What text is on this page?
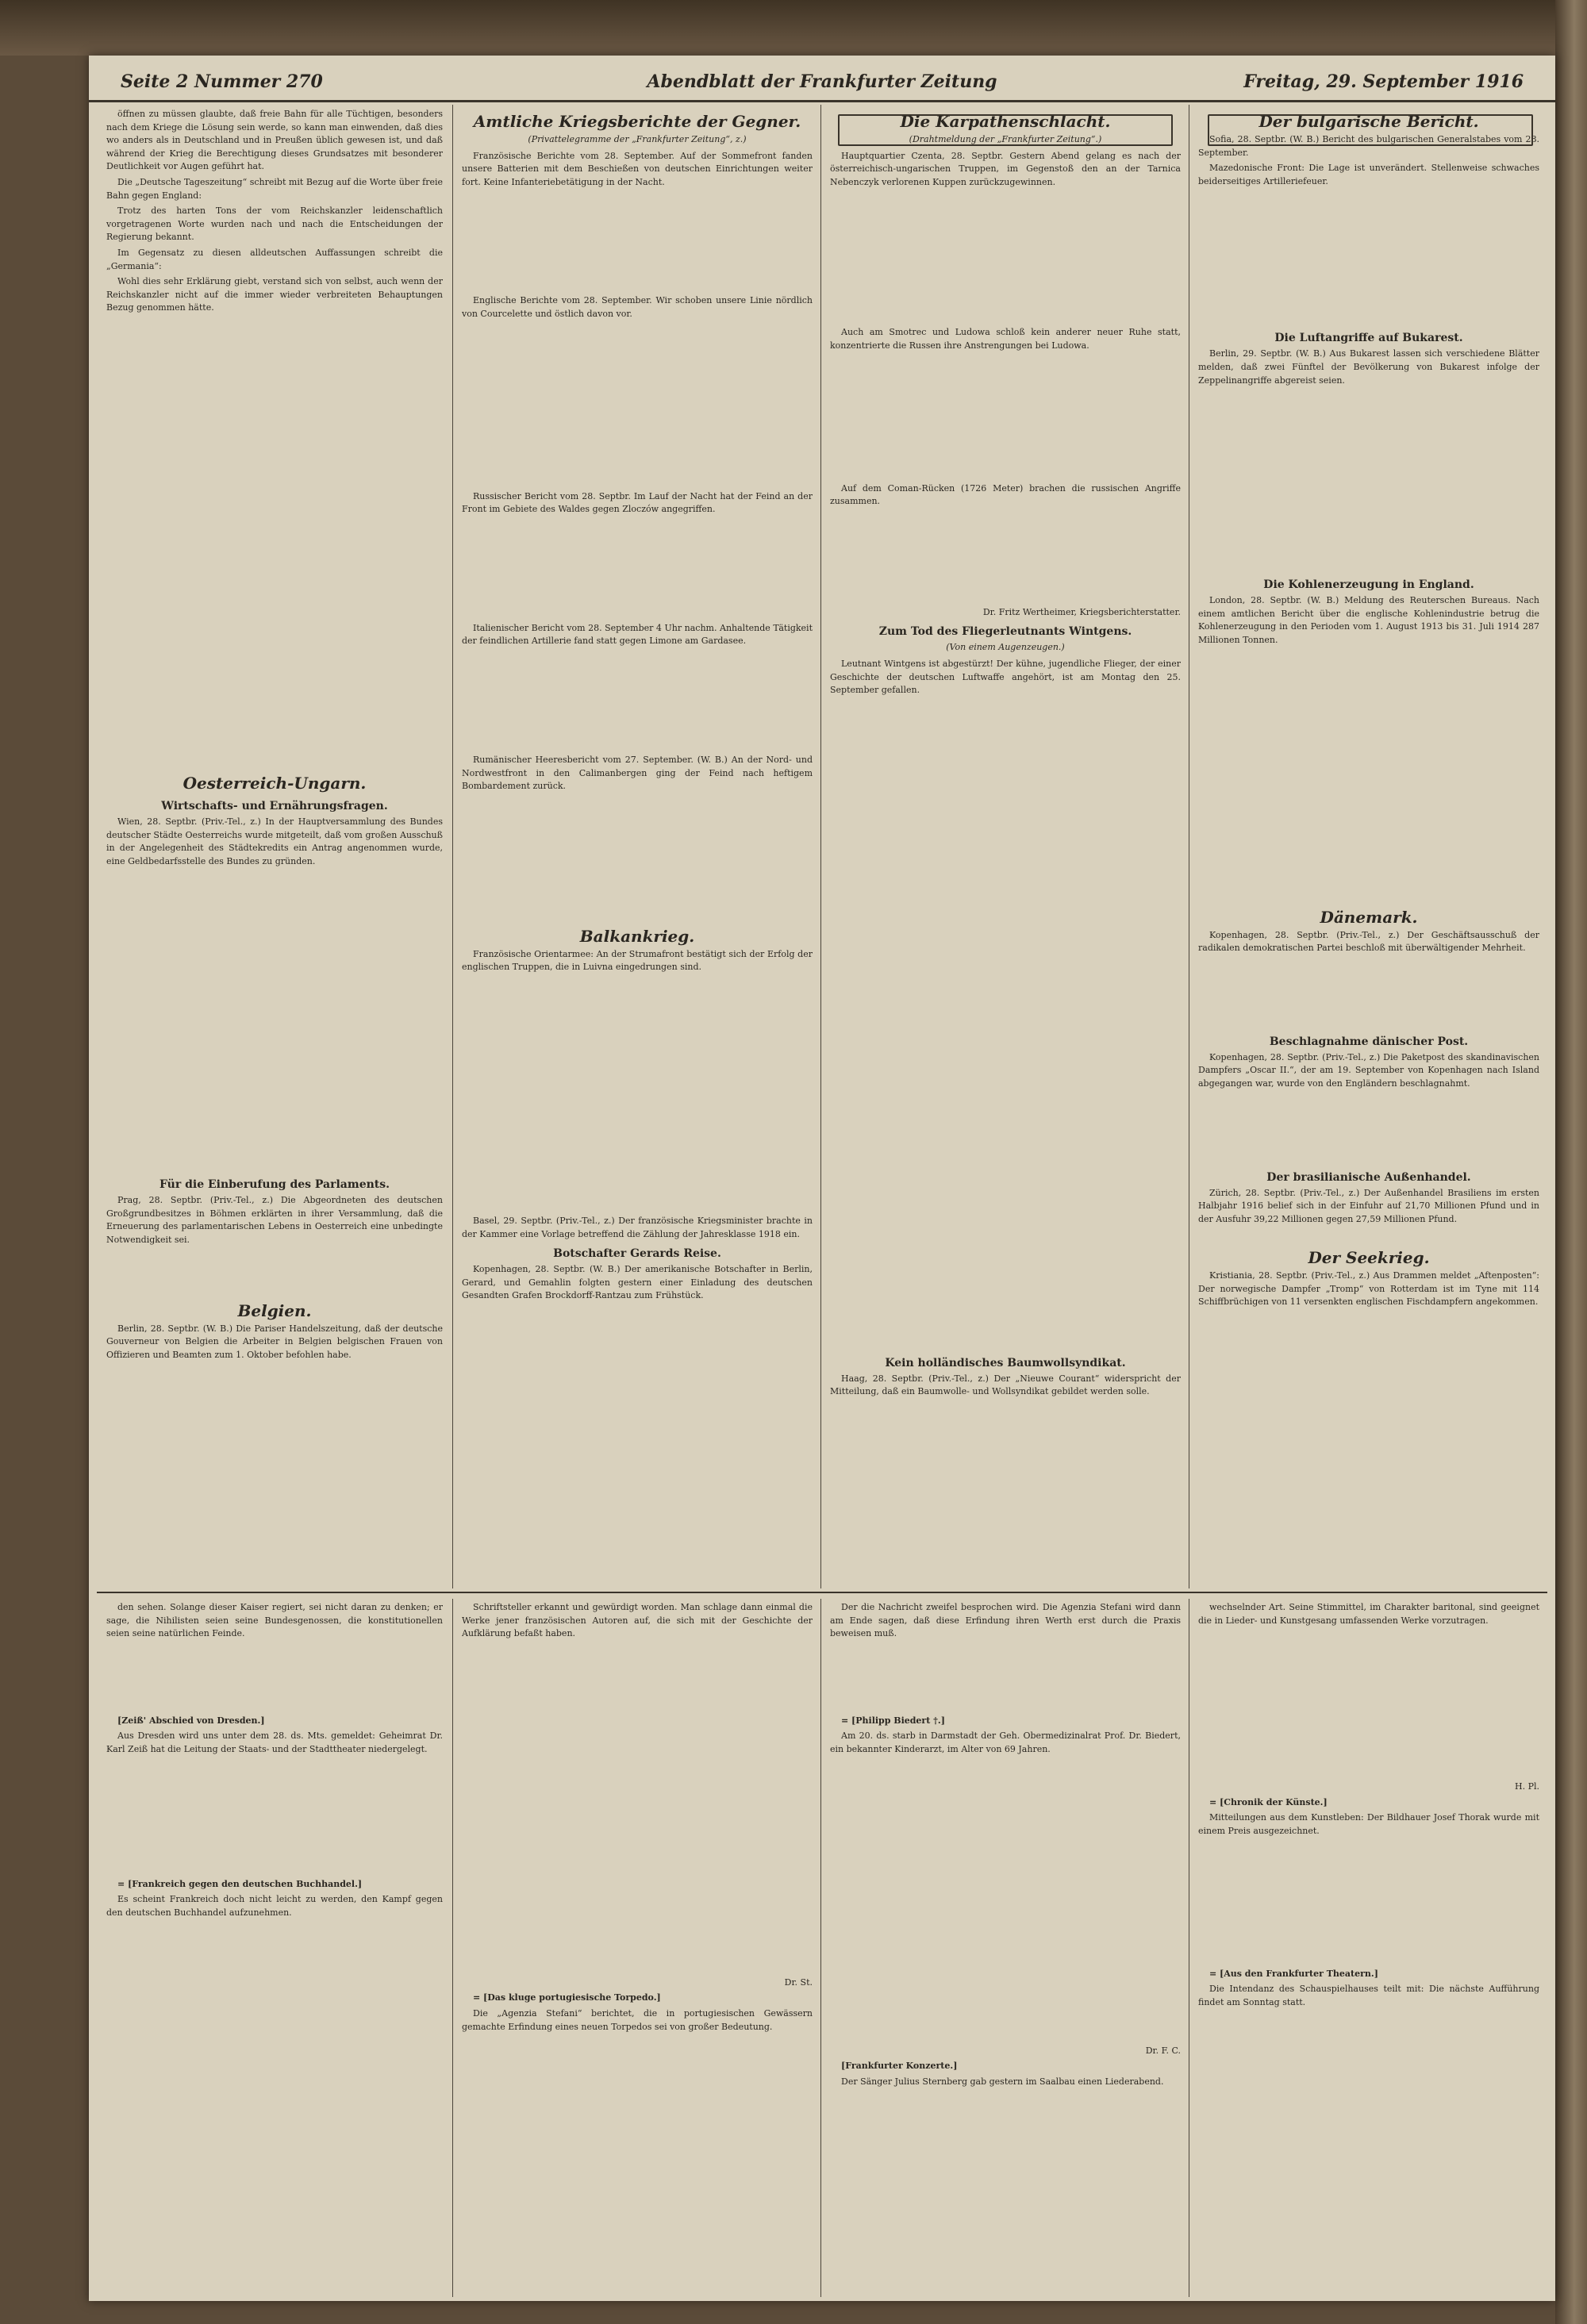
Seite 2 Nummer 270	Abendblatt der Frankfurter Zeitung	Freitag, 29. September 1916

öffnen zu müssen glaubte, daß freie Bahn für alle Tüchtigen, besonders nach dem Kriege die Lösung sein werde, so kann man einwenden, daß dies wo anders als in Deutschland und in Preußen üblich gewesen ist, und daß während der Krieg die Berechtigung dieses Grundsatzes mit besonderer Deutlichkeit vor Augen geführt hat.

Die „Deutsche Tageszeitung“ schreibt mit Bezug auf die Worte über freie Bahn gegen England:

Trotz des harten Tons der vom Reichskanzler leidenschaftlich vorgetragenen Worte wurden nach und nach die Entscheidungen der Regierung bekannt.

Im Gegensatz zu diesen alldeutschen Auffassungen schreibt die „Germania“:

Wohl dies sehr Erklärung giebt, verstand sich von selbst, auch wenn der Reichskanzler nicht auf die immer wieder verbreiteten Behauptungen Bezug genommen hätte.

Oesterreich-Ungarn.
Wirtschafts- und Ernährungsfragen.

Wien, 28. Septbr. (Priv.-Tel., z.) In der Hauptversammlung des Bundes deutscher Städte Oesterreichs wurde mitgeteilt, daß vom großen Ausschuß in der Angelegenheit des Städtekredits ein Antrag angenommen wurde, eine Geldbedarfsstelle des Bundes zu gründen.

Für die Einberufung des Parlaments.

Prag, 28. Septbr. (Priv.-Tel., z.) Die Abgeordneten des deutschen Großgrundbesitzes in Böhmen erklärten in ihrer Versammlung, daß die Erneuerung des parlamentarischen Lebens in Oesterreich eine unbedingte Notwendigkeit sei.

Belgien.

Berlin, 28. Septbr. (W. B.) Die Pariser Handelszeitung, daß der deutsche Gouverneur von Belgien die Arbeiter in Belgien belgischen Frauen von Offizieren und Beamten zum 1. Oktober befohlen habe.

Amtliche Kriegsberichte der Gegner.
(Privattelegramme der „Frankfurter Zeitung“, z.)

Französische Berichte vom 28. September. Auf der Sommefront fanden unsere Batterien mit dem Beschießen von deutschen Einrichtungen weiter fort. Keine Infanteriebetätigung in der Nacht.

Englische Berichte vom 28. September. Wir schoben unsere Linie nördlich von Courcelette und östlich davon vor.

Russischer Bericht vom 28. Septbr. Im Lauf der Nacht hat der Feind an der Front im Gebiete des Waldes gegen Zloczów angegriffen.

Italienischer Bericht vom 28. September 4 Uhr nachm. Anhaltende Tätigkeit der feindlichen Artillerie fand statt gegen Limone am Gardasee.

Rumänischer Heeresbericht vom 27. September. (W. B.) An der Nord- und Nordwestfront in den Calimanbergen ging der Feind nach heftigem Bombardement zurück.

Balkankrieg.

Französische Orientarmee: An der Strumafront bestätigt sich der Erfolg der englischen Truppen, die in Luivna eingedrungen sind.

Basel, 29. Septbr. (Priv.-Tel., z.) Der französische Kriegsminister brachte in der Kammer eine Vorlage betreffend die Zählung der Jahresklasse 1918 ein.

Botschafter Gerards Reise.

Kopenhagen, 28. Septbr. (W. B.) Der amerikanische Botschafter in Berlin, Gerard, und Gemahlin folgten gestern einer Einladung des deutschen Gesandten Grafen Brockdorff-Rantzau zum Frühstück.

Die Karpathenschlacht.
(Drahtmeldung der „Frankfurter Zeitung“.)

Hauptquartier Czenta, 28. Septbr. Gestern Abend gelang es nach der österreichisch-ungarischen Truppen, im Gegenstoß den an der Tarnica Nebenczyk verlorenen Kuppen zurückzugewinnen.

Auch am Smotrec und Ludowa schloß kein anderer neuer Ruhe statt, konzentrierte die Russen ihre Anstrengungen bei Ludowa.

Auf dem Coman-Rücken (1726 Meter) brachen die russischen Angriffe zusammen.

Dr. Fritz Wertheimer, Kriegsberichterstatter.

Zum Tod des Fliegerleutnants Wintgens.
(Von einem Augenzeugen.)

Leutnant Wintgens ist abgestürzt! Der kühne, jugendliche Flieger, der einer Geschichte der deutschen Luftwaffe angehört, ist am Montag den 25. September gefallen.

Kein holländisches Baumwollsyndikat.

Haag, 28. Septbr. (Priv.-Tel., z.) Der „Nieuwe Courant“ widerspricht der Mitteilung, daß ein Baumwolle- und Wollsyndikat gebildet werden solle.

Der bulgarische Bericht.

Sofia, 28. Septbr. (W. B.) Bericht des bulgarischen Generalstabes vom 28. September.

Mazedonische Front: Die Lage ist unverändert. Stellenweise schwaches beiderseitiges Artilleriefeuer.

Die Luftangriffe auf Bukarest.

Berlin, 29. Septbr. (W. B.) Aus Bukarest lassen sich verschiedene Blätter melden, daß zwei Fünftel der Bevölkerung von Bukarest infolge der Zeppelinangriffe abgereist seien.

Die Kohlenerzeugung in England.

London, 28. Septbr. (W. B.) Meldung des Reuterschen Bureaus. Nach einem amtlichen Bericht über die englische Kohlenindustrie betrug die Kohlenerzeugung in den Perioden vom 1. August 1913 bis 31. Juli 1914 287 Millionen Tonnen.

Dänemark.

Kopenhagen, 28. Septbr. (Priv.-Tel., z.) Der Geschäftsausschuß der radikalen demokratischen Partei beschloß mit überwältigender Mehrheit.

Beschlagnahme dänischer Post.

Kopenhagen, 28. Septbr. (Priv.-Tel., z.) Die Paketpost des skandinavischen Dampfers „Oscar II.“, der am 19. September von Kopenhagen nach Island abgegangen war, wurde von den Engländern beschlagnahmt.

Der brasilianische Außenhandel.

Zürich, 28. Septbr. (Priv.-Tel., z.) Der Außenhandel Brasiliens im ersten Halbjahr 1916 belief sich in der Einfuhr auf 21,70 Millionen Pfund und in der Ausfuhr 39,22 Millionen gegen 27,59 Millionen Pfund.

Der Seekrieg.

Kristiania, 28. Septbr. (Priv.-Tel., z.) Aus Drammen meldet „Aftenposten“: Der norwegische Dampfer „Tromp“ von Rotterdam ist im Tyne mit 114 Schiffbrüchigen von 11 versenkten englischen Fischdampfern angekommen.

den sehen. Solange dieser Kaiser regiert, sei nicht daran zu denken; er sage, die Nihilisten seien seine Bundesgenossen, die konstitutionellen seien seine natürlichen Feinde.

[Zeiß' Abschied von Dresden.]

Aus Dresden wird uns unter dem 28. ds. Mts. gemeldet: Geheimrat Dr. Karl Zeiß hat die Leitung der Staats- und der Stadttheater niedergelegt.

= [Frankreich gegen den deutschen Buchhandel.]

Es scheint Frankreich doch nicht leicht zu werden, den Kampf gegen den deutschen Buchhandel aufzunehmen.

Schriftsteller erkannt und gewürdigt worden. Man schlage dann einmal die Werke jener französischen Autoren auf, die sich mit der Geschichte der Aufklärung befaßt haben.

Dr. St.

= [Das kluge portugiesische Torpedo.]

Die „Agenzia Stefani“ berichtet, die in portugiesischen Gewässern gemachte Erfindung eines neuen Torpedos sei von großer Bedeutung.

Der die Nachricht zweifel besprochen wird. Die Agenzia Stefani wird dann am Ende sagen, daß diese Erfindung ihren Werth erst durch die Praxis beweisen muß.

= [Philipp Biedert †.]

Am 20. ds. starb in Darmstadt der Geh. Obermedizinalrat Prof. Dr. Biedert, ein bekannter Kinderarzt, im Alter von 69 Jahren.

Dr. F. C.

[Frankfurter Konzerte.]

Der Sänger Julius Sternberg gab gestern im Saalbau einen Liederabend.

wechselnder Art. Seine Stimmittel, im Charakter baritonal, sind geeignet die in Lieder- und Kunstgesang umfassenden Werke vorzutragen.

H. Pl.

= [Chronik der Künste.]

Mitteilungen aus dem Kunstleben: Der Bildhauer Josef Thorak wurde mit einem Preis ausgezeichnet.

= [Aus den Frankfurter Theatern.]

Die Intendanz des Schauspielhauses teilt mit: Die nächste Aufführung findet am Sonntag statt.
